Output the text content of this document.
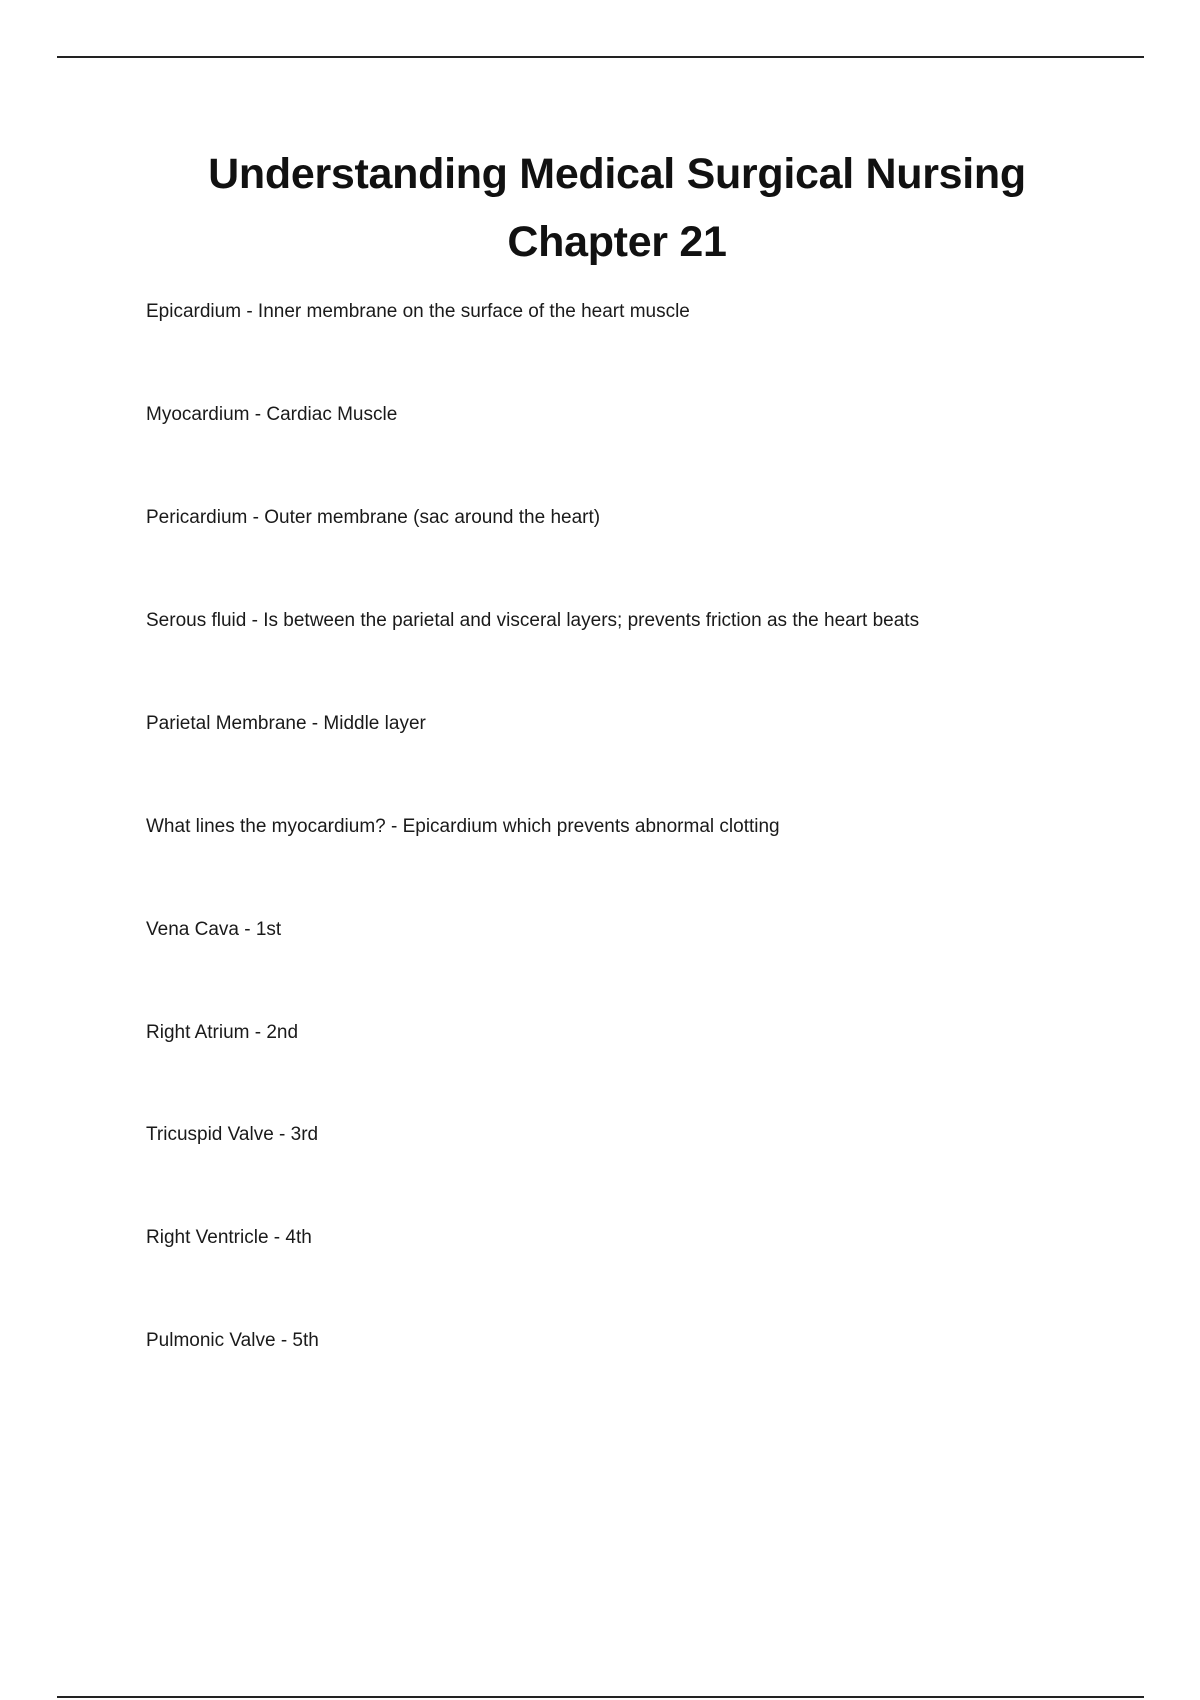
Understanding Medical Surgical Nursing
Chapter 21
Epicardium - Inner membrane on the surface of the heart muscle
Myocardium - Cardiac Muscle
Pericardium - Outer membrane (sac around the heart)
Serous fluid - Is between the parietal and visceral layers; prevents friction as the heart beats
Parietal Membrane - Middle layer
What lines the myocardium? - Epicardium which prevents abnormal clotting
Vena Cava - 1st
Right Atrium - 2nd
Tricuspid Valve - 3rd
Right Ventricle - 4th
Pulmonic Valve - 5th
